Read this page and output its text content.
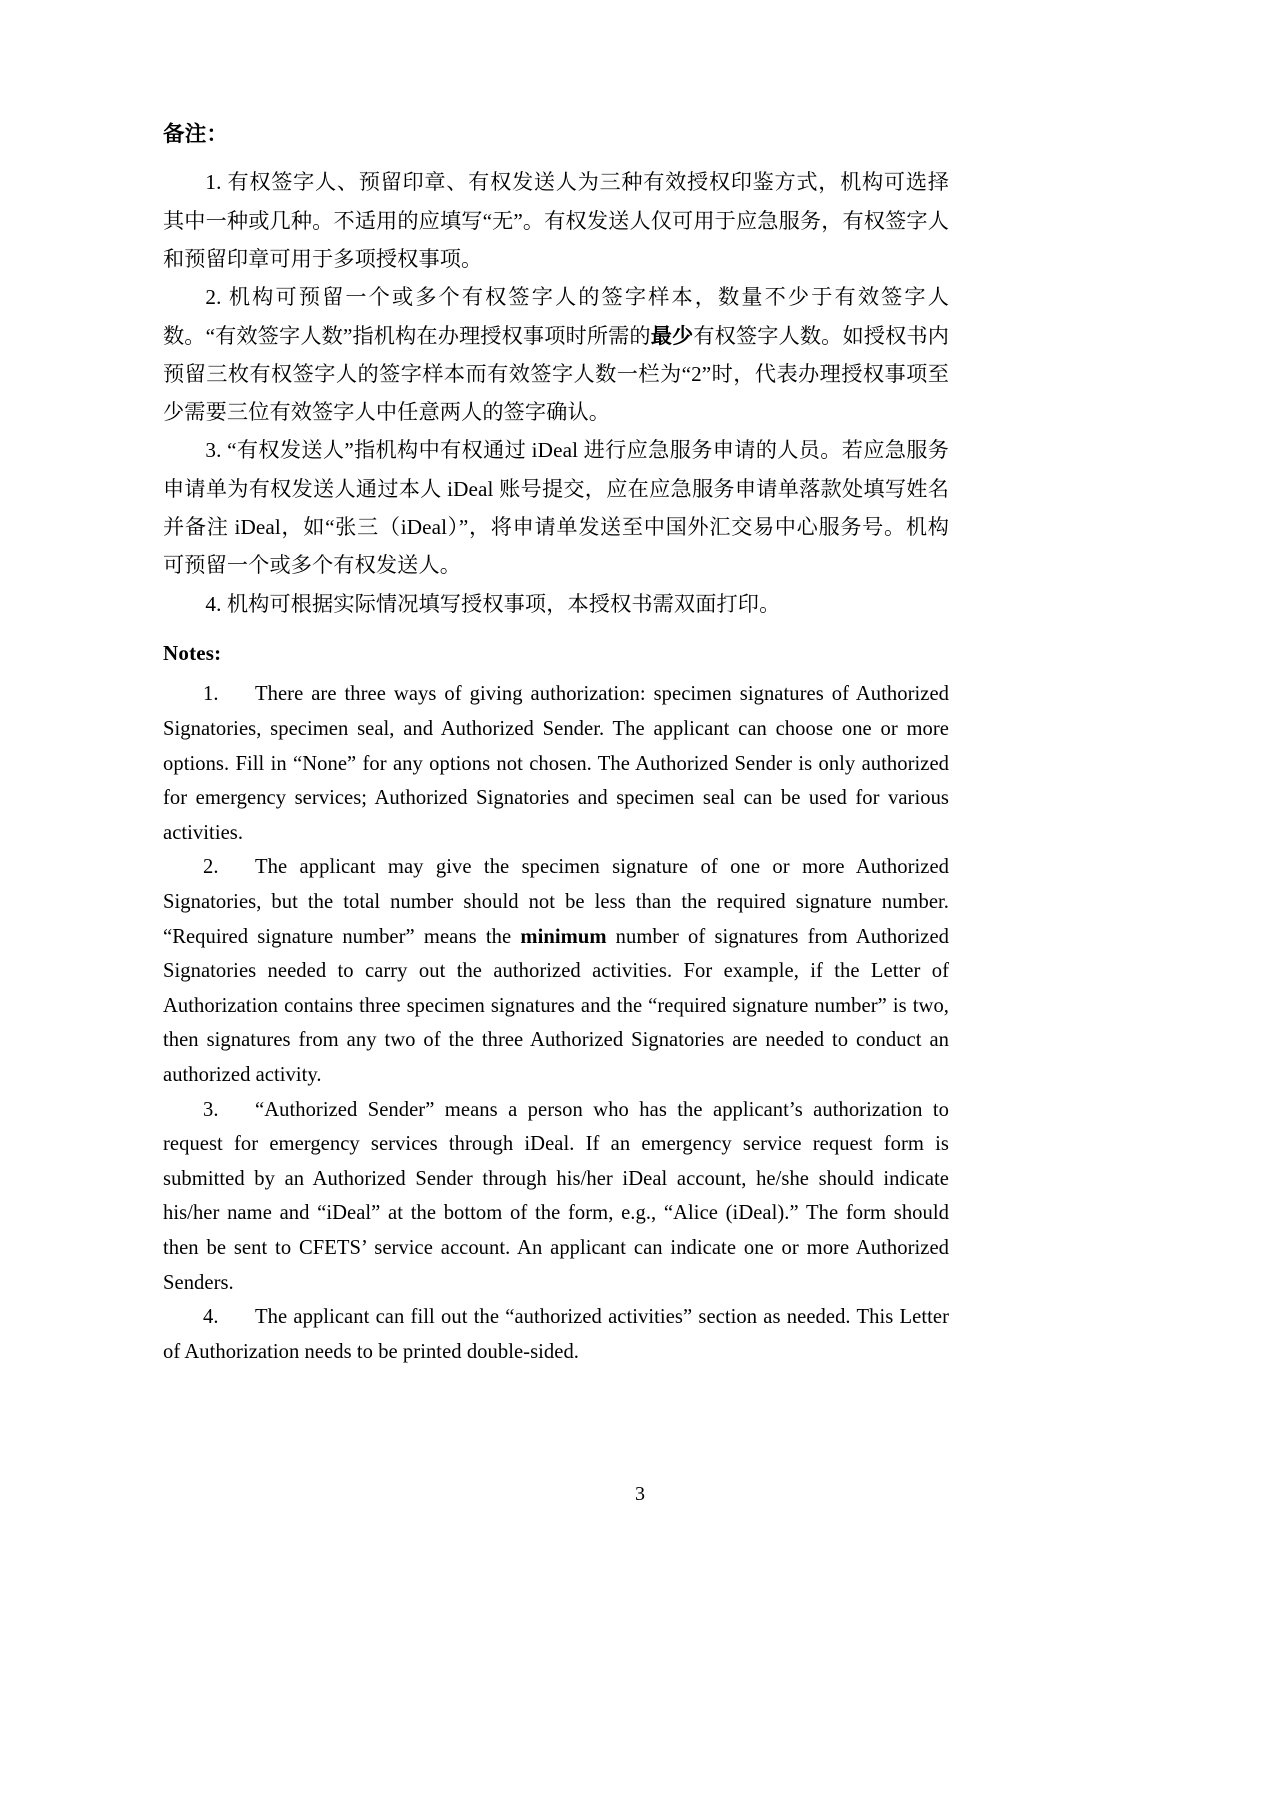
备注：

1. 有权签字人、预留印章、有权发送人为三种有效授权印鉴方式，机构可选择其中一种或几种。不适用的应填写“无”。有权发送人仅可用于应急服务，有权签字人和预留印章可用于多项授权事项。

2. 机构可预留一个或多个有权签字人的签字样本，数量不少于有效签字人数。“有效签字人数”指机构在办理授权事项时所需的最少有权签字人数。如授权书内预留三枚有权签字人的签字样本而有效签字人数一栏为“2”时，代表办理授权事项至少需要三位有效签字人中任意两人的签字确认。

3. “有权发送人”指机构中有权通过 iDeal 进行应急服务申请的人员。若应急服务申请单为有权发送人通过本人 iDeal 账号提交，应在应急服务申请单落款处填写姓名并备注 iDeal，如“张三（iDeal）”，将申请单发送至中国外汇交易中心服务号。机构可预留一个或多个有权发送人。

4. 机构可根据实际情况填写授权事项，本授权书需双面打印。

Notes:

1. There are three ways of giving authorization: specimen signatures of Authorized Signatories, specimen seal, and Authorized Sender. The applicant can choose one or more options. Fill in “None” for any options not chosen. The Authorized Sender is only authorized for emergency services; Authorized Signatories and specimen seal can be used for various activities.

2. The applicant may give the specimen signature of one or more Authorized Signatories, but the total number should not be less than the required signature number. “Required signature number” means the minimum number of signatures from Authorized Signatories needed to carry out the authorized activities. For example, if the Letter of Authorization contains three specimen signatures and the “required signature number” is two, then signatures from any two of the three Authorized Signatories are needed to conduct an authorized activity.

3. “Authorized Sender” means a person who has the applicant’s authorization to request for emergency services through iDeal. If an emergency service request form is submitted by an Authorized Sender through his/her iDeal account, he/she should indicate his/her name and “iDeal” at the bottom of the form, e.g., “Alice (iDeal).” The form should then be sent to CFETS’ service account. An applicant can indicate one or more Authorized Senders.

4. The applicant can fill out the “authorized activities” section as needed. This Letter of Authorization needs to be printed double-sided.

3
